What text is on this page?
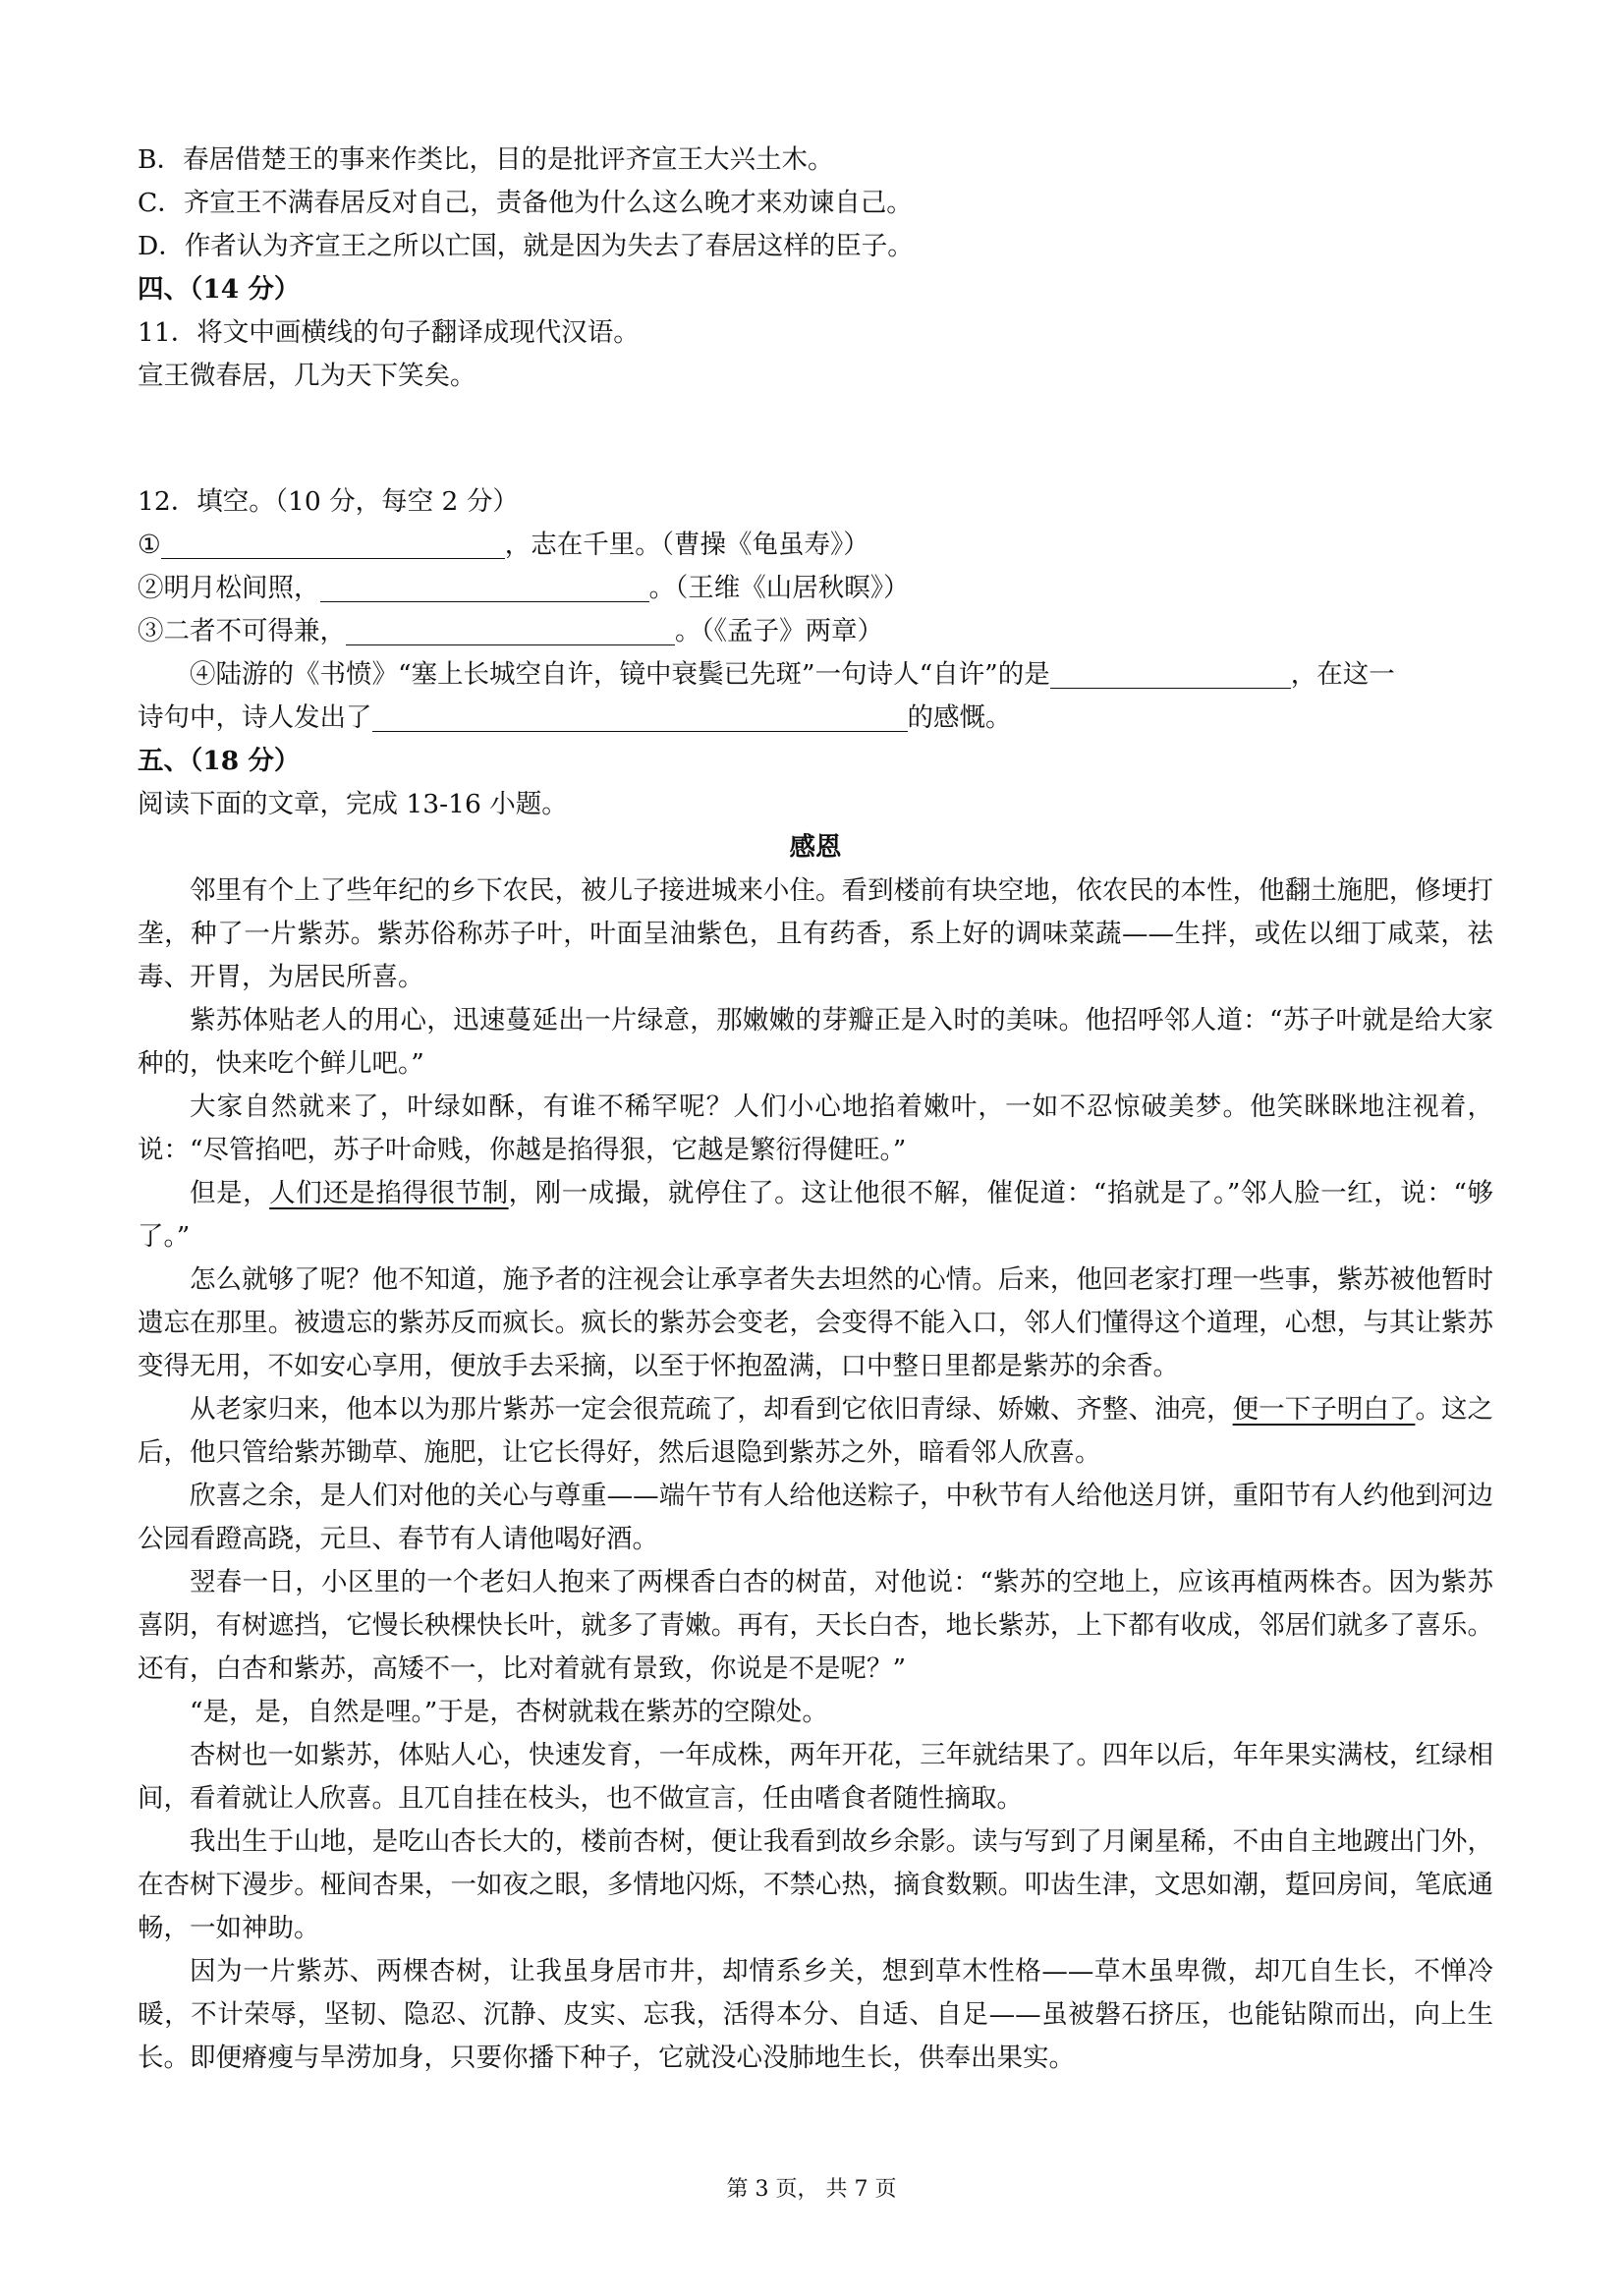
B．春居借楚王的事来作类比，目的是批评齐宣王大兴土木。
C．齐宣王不满春居反对自己，责备他为什么这么晚才来劝谏自己。
D．作者认为齐宣王之所以亡国，就是因为失去了春居这样的臣子。
四、（14 分）
11．将文中画横线的句子翻译成现代汉语。
宣王微春居，几为天下笑矣。
12．填空。（10 分，每空 2 分）
①	，志在千里。（曹操《龟虽寿》）
②明月松间照，	。（王维《山居秋暝》）
③二者不可得兼，	。（《孟子》两章）
④陆游的《书愤》“塞上长城空自许，镜中衰鬓已先斑”一句诗人“自许”的是	，在这一
诗句中，诗人发出了	的感慨。
五、（18 分）
阅读下面的文章，完成 13-16 小题。
感恩
邻里有个上了些年纪的乡下农民，被儿子接进城来小住。看到楼前有块空地，依农民的本性，他翻土施肥，修埂打垄，种了一片紫苏。紫苏俗称苏子叶，叶面呈油紫色，且有药香，系上好的调味菜蔬——生拌，或佐以细丁咸菜，祛毒、开胃，为居民所喜。
紫苏体贴老人的用心，迅速蔓延出一片绿意，那嫩嫩的芽瓣正是入时的美味。他招呼邻人道：“苏子叶就是给大家种的，快来吃个鲜儿吧。”
大家自然就来了，叶绿如酥，有谁不稀罕呢？人们小心地掐着嫩叶，一如不忍惊破美梦。他笑眯眯地注视着，说：“尽管掐吧，苏子叶命贱，你越是掐得狠，它越是繁衍得健旺。”
但是，人们还是掐得很节制，刚一成撮，就停住了。这让他很不解，催促道：“掐就是了。”邻人脸一红，说：“够了。”
怎么就够了呢？他不知道，施予者的注视会让承享者失去坦然的心情。后来，他回老家打理一些事，紫苏被他暂时遗忘在那里。被遗忘的紫苏反而疯长。疯长的紫苏会变老，会变得不能入口，邻人们懂得这个道理，心想，与其让紫苏变得无用，不如安心享用，便放手去采摘，以至于怀抱盈满，口中整日里都是紫苏的余香。
从老家归来，他本以为那片紫苏一定会很荒疏了，却看到它依旧青绿、娇嫩、齐整、油亮，便一下子明白了。这之后，他只管给紫苏锄草、施肥，让它长得好，然后退隐到紫苏之外，暗看邻人欣喜。
欣喜之余，是人们对他的关心与尊重——端午节有人给他送粽子，中秋节有人给他送月饼，重阳节有人约他到河边公园看蹬高跷，元旦、春节有人请他喝好酒。
翌春一日，小区里的一个老妇人抱来了两棵香白杏的树苗，对他说：“紫苏的空地上，应该再植两株杏。因为紫苏喜阴，有树遮挡，它慢长秧棵快长叶，就多了青嫩。再有，天长白杏，地长紫苏，上下都有收成，邻居们就多了喜乐。还有，白杏和紫苏，高矮不一，比对着就有景致，你说是不是呢？”
“是，是，自然是哩。”于是，杏树就栽在紫苏的空隙处。
杏树也一如紫苏，体贴人心，快速发育，一年成株，两年开花，三年就结果了。四年以后，年年果实满枝，红绿相间，看着就让人欣喜。且兀自挂在枝头，也不做宣言，任由嗜食者随性摘取。
我出生于山地，是吃山杏长大的，楼前杏树，便让我看到故乡余影。读与写到了月阑星稀，不由自主地踱出门外，在杏树下漫步。桠间杏果，一如夜之眼，多情地闪烁，不禁心热，摘食数颗。叩齿生津，文思如潮，踅回房间，笔底通畅，一如神助。
因为一片紫苏、两棵杏树，让我虽身居市井，却情系乡关，想到草木性格——草木虽卑微，却兀自生长，不惮冷暖，不计荣辱，坚韧、隐忍、沉静、皮实、忘我，活得本分、自适、自足——虽被磐石挤压，也能钻隙而出，向上生长。即便瘠瘦与旱涝加身，只要你播下种子，它就没心没肺地生长，供奉出果实。
第 3 页， 共 7 页
